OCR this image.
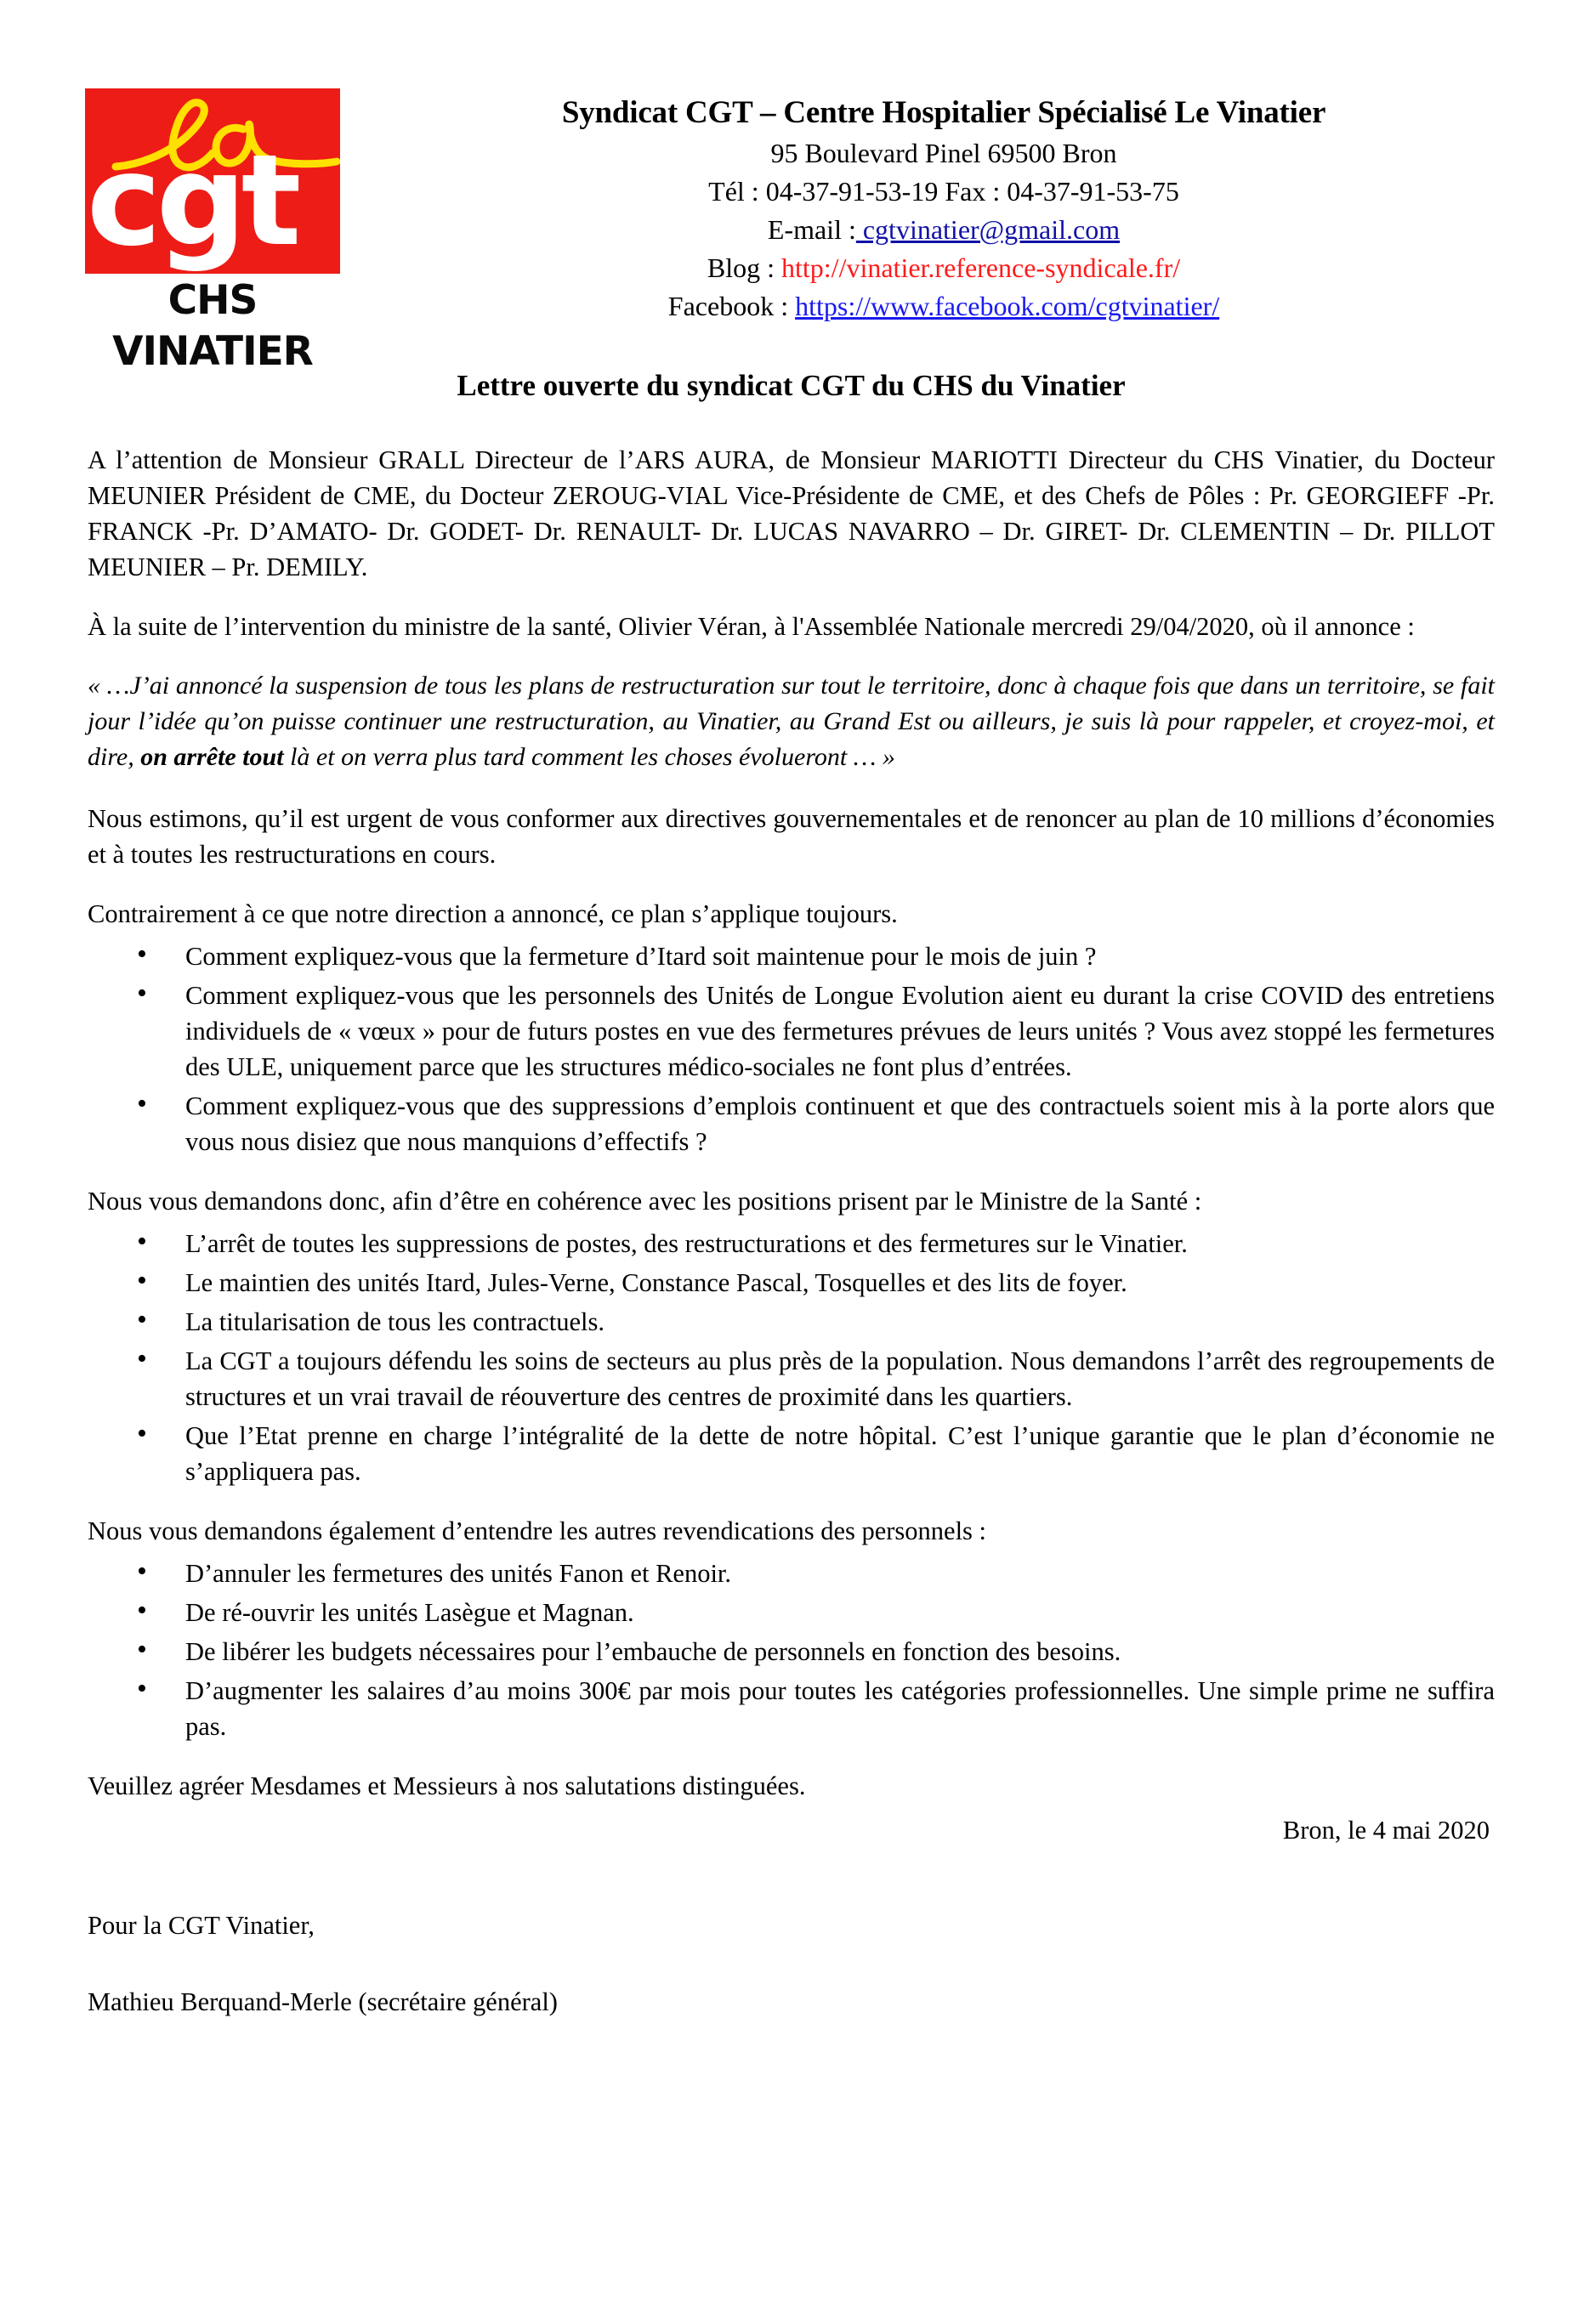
cgt
CHS VINATIER
Syndicat CGT – Centre Hospitalier Spécialisé Le Vinatier
95 Boulevard Pinel 69500 Bron
Tél : 04-37-91-53-19 Fax : 04-37-91-53-75
E-mail : cgtvinatier@gmail.com
Blog : http://vinatier.reference-syndicale.fr/
Facebook : https://www.facebook.com/cgtvinatier/
Lettre ouverte du syndicat CGT du CHS du Vinatier

A l’attention de Monsieur GRALL Directeur de l’ARS AURA, de Monsieur MARIOTTI Directeur du CHS Vinatier, du Docteur MEUNIER Président de CME, du Docteur ZEROUG-VIAL Vice-Présidente de CME, et des Chefs de Pôles : Pr. GEORGIEFF -Pr. FRANCK -Pr. D’AMATO- Dr. GODET- Dr. RENAULT- Dr. LUCAS NAVARRO – Dr. GIRET- Dr. CLEMENTIN – Dr. PILLOT MEUNIER – Pr. DEMILY.

À la suite de l’intervention du ministre de la santé, Olivier Véran, à l'Assemblée Nationale mercredi 29/04/2020, où il annonce :

« …J’ai annoncé la suspension de tous les plans de restructuration sur tout le territoire, donc à chaque fois que dans un territoire, se fait jour l’idée qu’on puisse continuer une restructuration, au Vinatier, au Grand Est ou ailleurs, je suis là pour rappeler, et croyez-moi, et dire, on arrête tout là et on verra plus tard comment les choses évolueront … »

Nous estimons, qu’il est urgent de vous conformer aux directives gouvernementales et de renoncer au plan de 10 millions d’économies et à toutes les restructurations en cours.

Contrairement à ce que notre direction a annoncé, ce plan s’applique toujours.

• Comment expliquez-vous que la fermeture d’Itard soit maintenue pour le mois de juin ?
• Comment expliquez-vous que les personnels des Unités de Longue Evolution aient eu durant la crise COVID des entretiens individuels de « vœux » pour de futurs postes en vue des fermetures prévues de leurs unités ? Vous avez stoppé les fermetures des ULE, uniquement parce que les structures médico-sociales ne font plus d’entrées.
• Comment expliquez-vous que des suppressions d’emplois continuent et que des contractuels soient mis à la porte alors que vous nous disiez que nous manquions d’effectifs ?

Nous vous demandons donc, afin d’être en cohérence avec les positions prisent par le Ministre de la Santé :

• L’arrêt de toutes les suppressions de postes, des restructurations et des fermetures sur le Vinatier.
• Le maintien des unités Itard, Jules-Verne, Constance Pascal, Tosquelles et des lits de foyer.
• La titularisation de tous les contractuels.
• La CGT a toujours défendu les soins de secteurs au plus près de la population. Nous demandons l’arrêt des regroupements de structures et un vrai travail de réouverture des centres de proximité dans les quartiers.
• Que l’Etat prenne en charge l’intégralité de la dette de notre hôpital. C’est l’unique garantie que le plan d’économie ne s’appliquera pas.

Nous vous demandons également d’entendre les autres revendications des personnels :

• D’annuler les fermetures des unités Fanon et Renoir.
• De ré-ouvrir les unités Lasègue et Magnan.
• De libérer les budgets nécessaires pour l’embauche de personnels en fonction des besoins.
• D’augmenter les salaires d’au moins 300€ par mois pour toutes les catégories professionnelles. Une simple prime ne suffira pas.

Veuillez agréer Mesdames et Messieurs à nos salutations distinguées.

Bron, le 4 mai 2020

Pour la CGT Vinatier,

Mathieu Berquand-Merle (secrétaire général)
